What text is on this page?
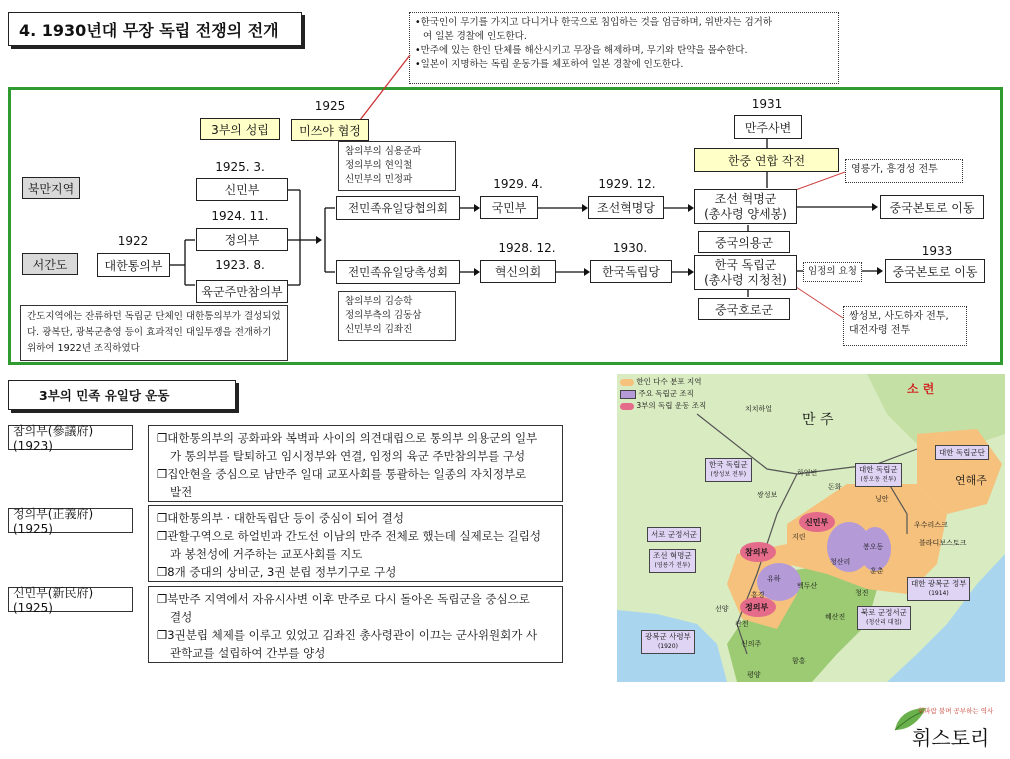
4. 1930년대 무장 독립 전쟁의 전개	•한국인이 무기를 가지고 다니거나 한국으로 침입하는 것을 엄금하며, 위반자는 검거하
여 일본 경찰에 인도한다.
•만주에 있는 한인 단체를 해산시키고 무장을 해제하며, 무기와 탄약을 몰수한다.
•일본이 지명하는 독립 운동가를 체포하여 일본 경찰에 인도한다.
북만지역
서간도
1922
대한통의부
1925. 3.
신민부
1924. 11.
정의부
1923. 8.
육군주만참의부
간도지역에는 잔류하던 독립군 단체인 대한통의부가 결성되었다. 광복단, 광복군총영 등이 효과적인 대일투쟁을 전개하기 위하여 1922년 조직하였다
3부의 성립
1925
미쓰야 협정
참의부의 심용준파
정의부의 현익철
신민부의 민정파
전민족유일당협의회
전민족유일당촉성회
참의부의 김승학
정의부측의 김동삼
신민부의 김좌진
1929. 4.
국민부
1929. 12.
조선혁명당
1928. 12.
혁신의회
1930.
한국독립당
1931
만주사변
한중 연합 작전
조선 혁명군
(총사령 양세봉)
중국의용군
한국 독립군
(총사령 지청천)
중국호로군
영릉가, 흥경성 전투
중국본토로 이동
임정의 요청
1933
중국본토로 이동
쌍성보, 사도하자 전투,
대전자령 전투
3부의 민족 유일당 운동
참의부(參議府)(1923)
❐대한통의부의 공화파와 복벽파 사이의 의견대립으로 통의부 의용군의 일부
가 통의부를 탈퇴하고 임시정부와 연결, 임정의 육군 주만참의부를 구성
❐집안현을 중심으로 남만주 일대 교포사회를 통괄하는 일종의 자치정부로
발전
정의부(正義府)(1925)
❐대한통의부 · 대한독립단 등이 중심이 되어 결성
❐관할구역으로 하얼빈과 간도선 이남의 만주 전체로 했는데 실제로는 길림성
과 봉천성에 거주하는 교포사회를 지도
❐8개 중대의 상비군, 3권 분립 정부기구로 구성
신민부(新民府)(1925)
❐북만주 지역에서 자유시사변 이후 만주로 다시 돌아온 독립군을 중심으로
결성
❐3권분립 체제를 이루고 있었고 김좌진 총사령관이 이끄는 군사위원회가 사
관학교를 설립하여 간부를 양성
한인 다수 분포 지역
주요 독립군 조직
3부의 독립 운동 조직
소 련
만 주
연해주
치치하얼
하얼빈
쌍성보
지린
돈화
닝안
우수리스크
블라디보스토크
참의부
신민부
유하
정의부
흥경
선양
관전
신의주
평양
함흥
혜산진
청산리
봉오동
훈춘
청진
백두산
한국 독립군
(쌍성보 전투)
서로 군정서군
조선 혁명군
(영릉가 전투)
광복군 사령부
(1920)
대한 독립군
(봉오동 전투)
대한 독립군단
북로 군정서군
(청산리 대첩)
대한 광복군 정부
(1914)
휘파람 불며 공부하는 역사
휘스토리
